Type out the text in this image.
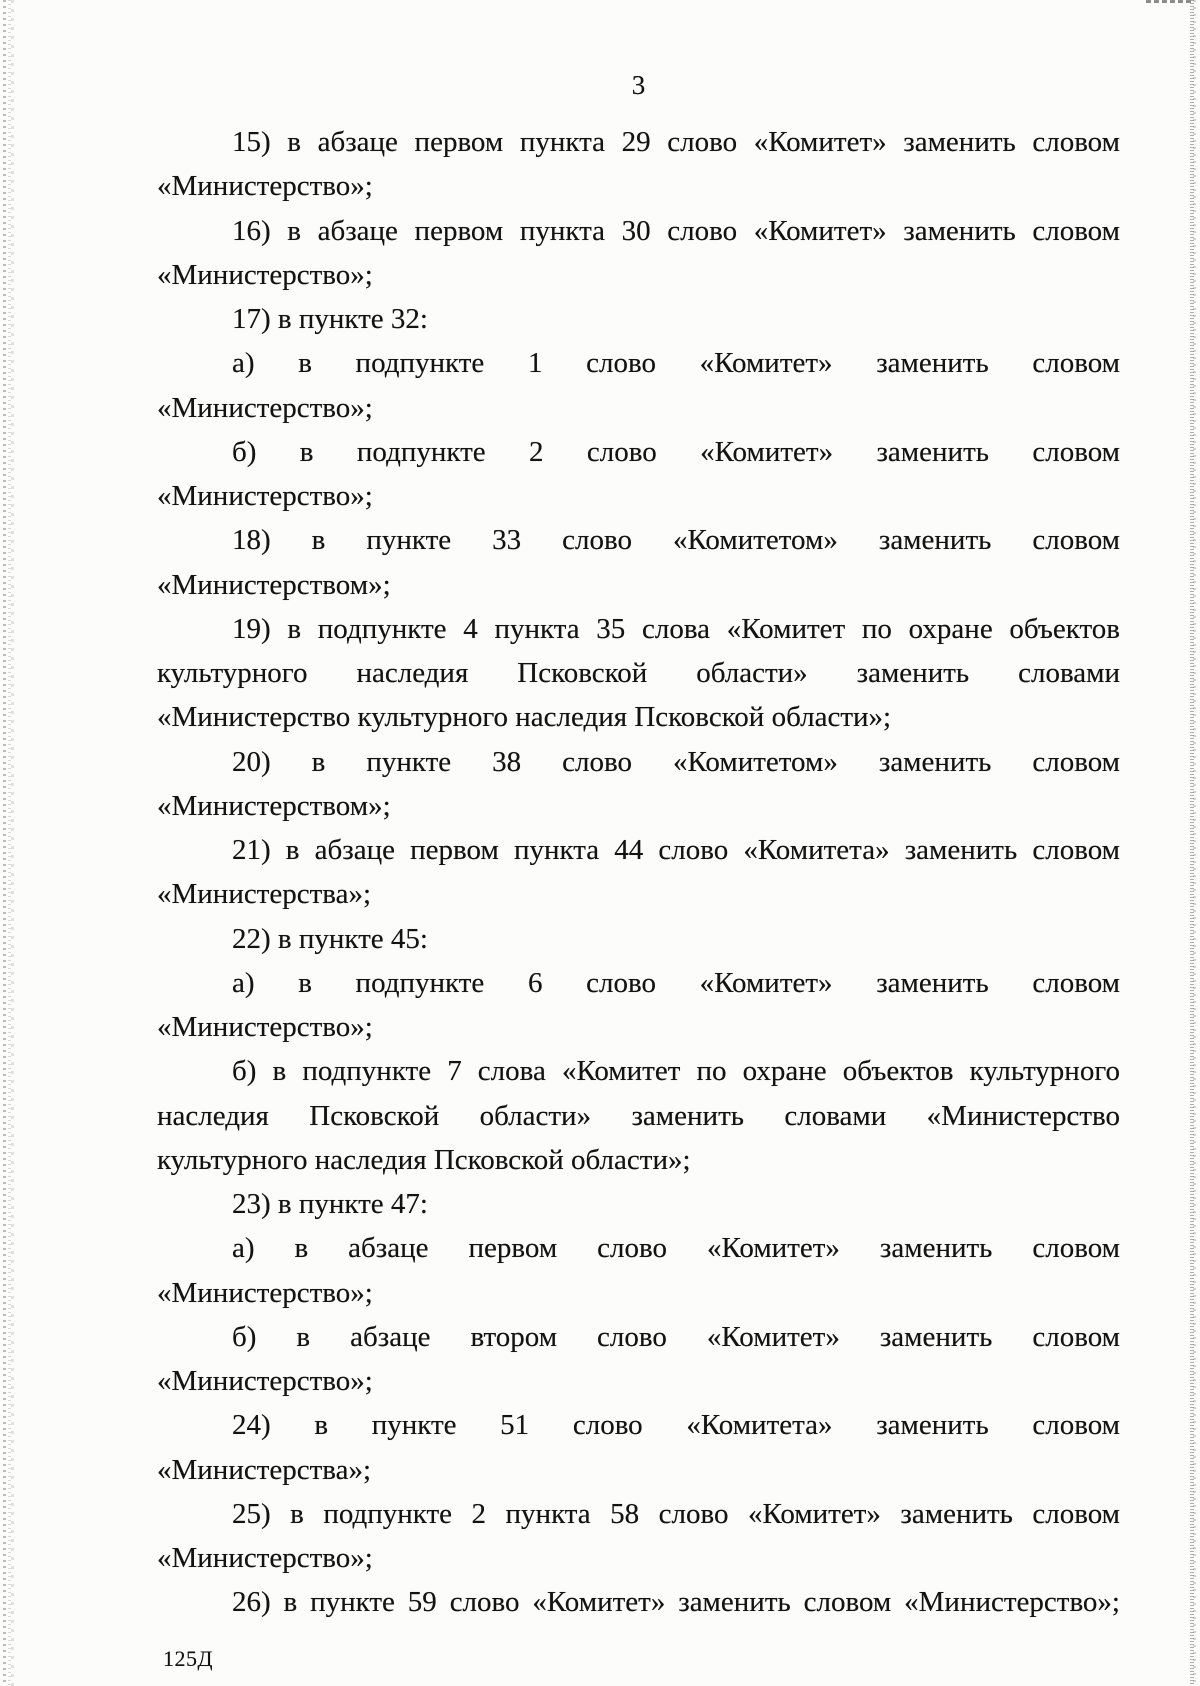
3
15) в абзаце первом пункта 29 слово «Комитет» заменить словом
«Министерство»;
16) в абзаце первом пункта 30 слово «Комитет» заменить словом
«Министерство»;
17) в пункте 32:
а) в подпункте 1 слово «Комитет» заменить словом
«Министерство»;
б) в подпункте 2 слово «Комитет» заменить словом
«Министерство»;
18) в пункте 33 слово «Комитетом» заменить словом
«Министерством»;
19) в подпункте 4 пункта 35 слова «Комитет по охране объектов
культурного наследия Псковской области» заменить словами
«Министерство культурного наследия Псковской области»;
20) в пункте 38 слово «Комитетом» заменить словом
«Министерством»;
21) в абзаце первом пункта 44 слово «Комитета» заменить словом
«Министерства»;
22) в пункте 45:
а) в подпункте 6 слово «Комитет» заменить словом
«Министерство»;
б) в подпункте 7 слова «Комитет по охране объектов культурного
наследия Псковской области» заменить словами «Министерство
культурного наследия Псковской области»;
23) в пункте 47:
а) в абзаце первом слово «Комитет» заменить словом
«Министерство»;
б) в абзаце втором слово «Комитет» заменить словом
«Министерство»;
24) в пункте 51 слово «Комитета» заменить словом
«Министерства»;
25) в подпункте 2 пункта 58 слово «Комитет» заменить словом
«Министерство»;
26) в пункте 59 слово «Комитет» заменить словом «Министерство»;
125Д
